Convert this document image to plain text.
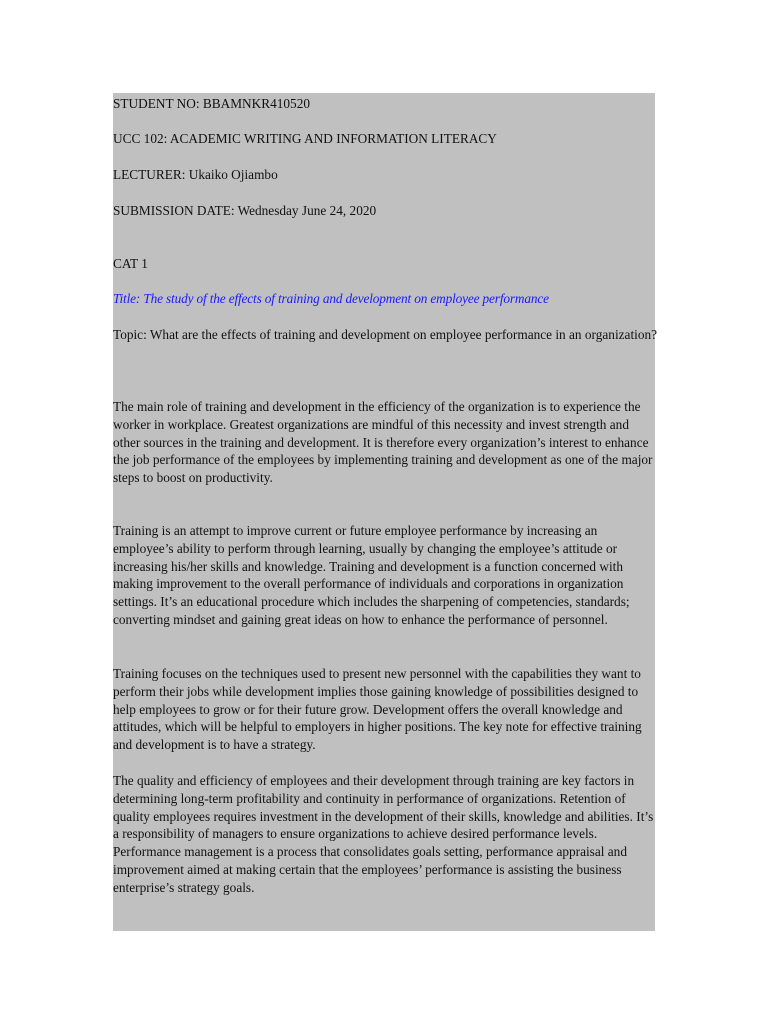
STUDENT NO: BBAMNKR410520

UCC 102: ACADEMIC WRITING AND INFORMATION LITERACY

LECTURER: Ukaiko Ojiambo

SUBMISSION DATE: Wednesday June 24, 2020

CAT 1

Title: The study of the effects of training and development on employee performance

Topic: What are the effects of training and development on employee performance in an organization?

The main role of training and development in the efficiency of the organization is to experience the worker in workplace. Greatest organizations are mindful of this necessity and invest strength and other sources in the training and development. It is therefore every organization’s interest to enhance the job performance of the employees by implementing training and development as one of the major steps to boost on productivity.

Training is an attempt to improve current or future employee performance by increasing an employee’s ability to perform through learning, usually by changing the employee’s attitude or increasing his/her skills and knowledge. Training and development is a function concerned with making improvement to the overall performance of individuals and corporations in organization settings. It’s an educational procedure which includes the sharpening of competencies, standards; converting mindset and gaining great ideas on how to enhance the performance of personnel.

Training focuses on the techniques used to present new personnel with the capabilities they want to perform their jobs while development implies those gaining knowledge of possibilities designed to help employees to grow or for their future grow. Development offers the overall knowledge and attitudes, which will be helpful to employers in higher positions. The key note for effective training and development is to have a strategy.

The quality and efficiency of employees and their development through training are key factors in determining long-term profitability and continuity in performance of organizations. Retention of quality employees requires investment in the development of their skills, knowledge and abilities. It’s a responsibility of managers to ensure organizations to achieve desired performance levels. Performance management is a process that consolidates goals setting, performance appraisal and improvement aimed at making certain that the employees’ performance is assisting the business enterprise’s strategy goals.
